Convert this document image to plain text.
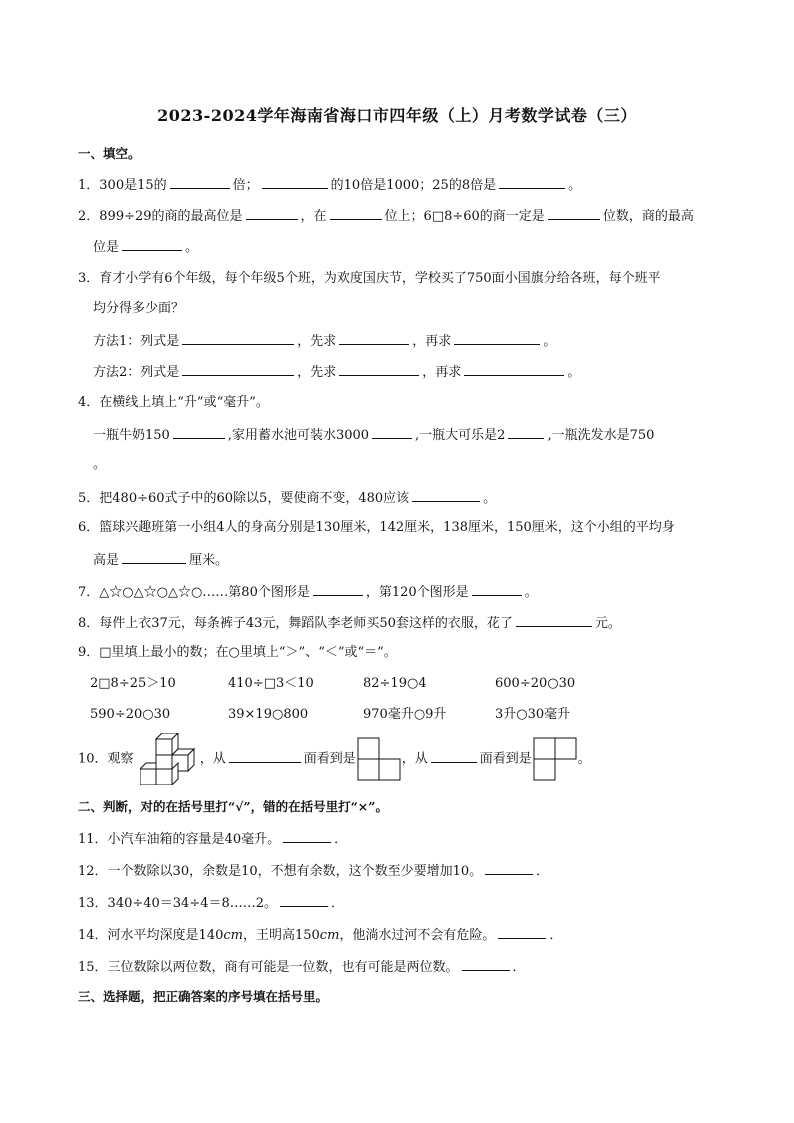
2023-2024学年海南省海口市四年级（上）月考数学试卷（三）
一、填空。
1．300是15的	倍；	的10倍是1000；25的8倍是	。
2．899÷29的商的最高位是	，在	位上；6□8÷60的商一定是	位数，商的最高
位是	。
3．育才小学有6个年级，每个年级5个班，为欢度国庆节，学校买了750面小国旗分给各班，每个班平
均分得多少面？
方法1：列式是	，先求	，再求	。
方法2：列式是	，先求	，再求	。
4．在横线上填上“升”或“毫升”。
一瓶牛奶150	,家用蓄水池可装水3000	,一瓶大可乐是2	,一瓶洗发水是750
。
5．把480÷60式子中的60除以5，要使商不变，480应该	。
6．篮球兴趣班第一小组4人的身高分别是130厘米，142厘米，138厘米，150厘米，这个小组的平均身
高是	厘米。
7．△☆○△☆○△☆○……第80个图形是	，第120个图形是	。
8．每件上衣37元，每条裤子43元，舞蹈队李老师买50套这样的衣服，花了	元。
9．□里填上最小的数；在○里填上“＞”、“＜”或“＝”。
2□8÷25＞10	410÷□3＜10	82÷19○4	600÷20○30
590÷20○30	39×19○800	970毫升○9升	3升○30毫升
10．观察	，从	面看到是	，从	面看到是	。
二、判断，对的在括号里打“√”，错的在括号里打“×”。
11．小汽车油箱的容量是40毫升。	．
12．一个数除以30，余数是10，不想有余数，这个数至少要增加10。	．
13．340÷40＝34÷4＝8……2。	．
14．河水平均深度是140cm，王明高150cm，他淌水过河不会有危险。	．
15．三位数除以两位数，商有可能是一位数，也有可能是两位数。	．
三、选择题，把正确答案的序号填在括号里。
